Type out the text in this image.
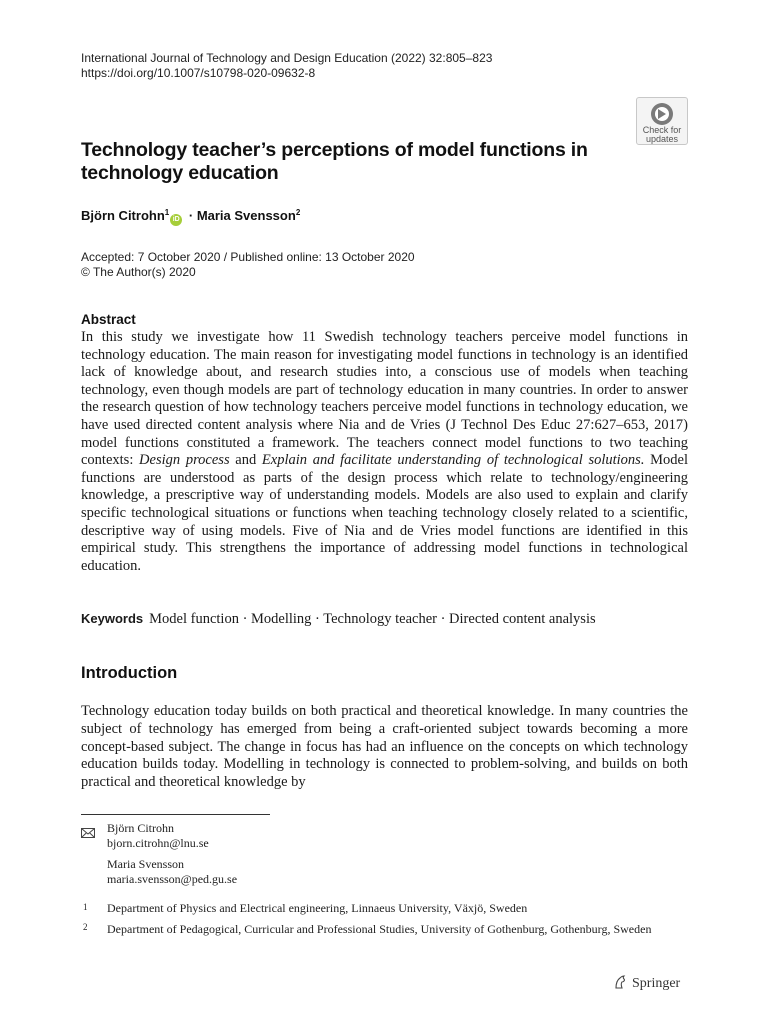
International Journal of Technology and Design Education (2022) 32:805–823
https://doi.org/10.1007/s10798-020-09632-8
Check for
updates
Technology teacher’s perceptions of model functions in technology education
Björn Citrohn$^1$iD · Maria Svensson$^2$
Accepted: 7 October 2020 / Published online: 13 October 2020
© The Author(s) 2020
Abstract
In this study we investigate how 11 Swedish technology teachers perceive model functions in technology education. The main reason for investigating model functions in technology is an identified lack of knowledge about, and research studies into, a conscious use of models when teaching technology, even though models are part of technology education in many countries. In order to answer the research question of how technology teachers perceive model functions in technology education, we have used directed content analysis where Nia and de Vries (J Technol Des Educ 27:627–653, 2017) model functions constituted a framework. The teachers connect model functions to two teaching contexts: Design process and Explain and facilitate understanding of technological solutions. Model functions are understood as parts of the design process which relate to technology/engineering knowledge, a prescriptive way of understanding models. Models are also used to explain and clarify specific technological situations or functions when teaching technology closely related to a scientific, descriptive way of using models. Five of Nia and de Vries model functions are identified in this empirical study. This strengthens the importance of addressing model functions in technological education.
Keywords Model function · Modelling · Technology teacher · Directed content analysis
Introduction
Technology education today builds on both practical and theoretical knowledge. In many countries the subject of technology has emerged from being a craft-oriented subject towards becoming a more concept-based subject. The change in focus has had an influence on the concepts on which technology education builds today. Modelling in technology is connected to problem-solving, and builds on both practical and theoretical knowledge by
Björn Citrohn
bjorn.citrohn@lnu.se
Maria Svensson
maria.svensson@ped.gu.se
1 Department of Physics and Electrical engineering, Linnaeus University, Växjö, Sweden
2 Department of Pedagogical, Curricular and Professional Studies, University of Gothenburg, Gothenburg, Sweden
Springer
